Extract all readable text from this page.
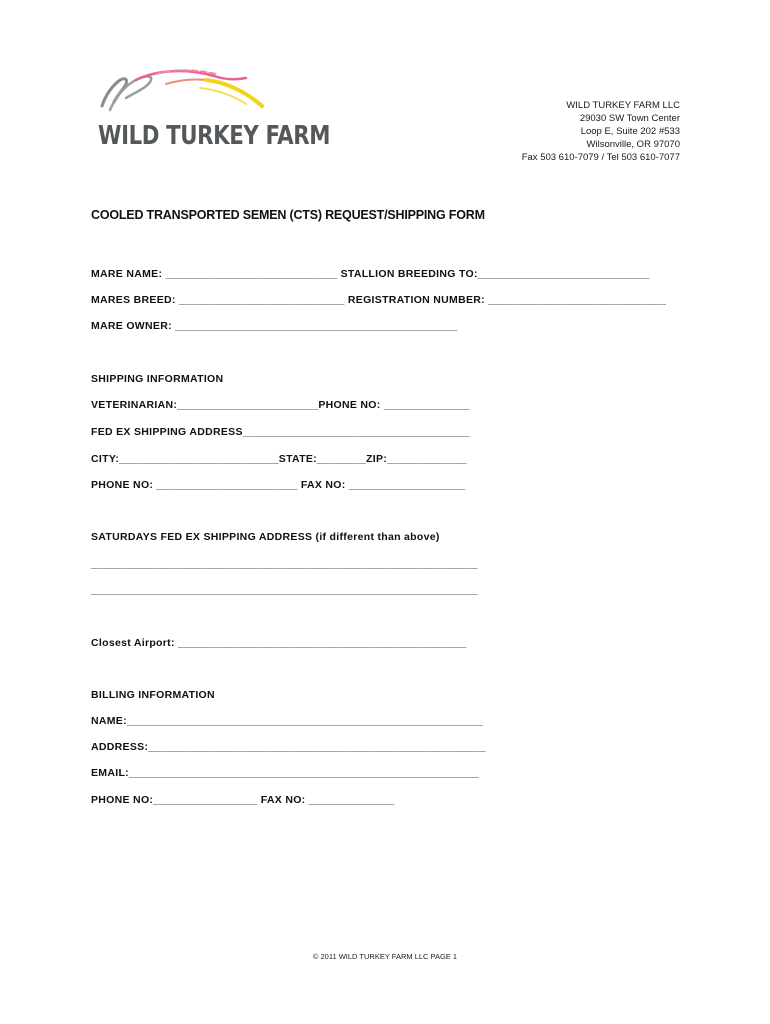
WILD TURKEY FARM
WILD TURKEY FARM LLC
29030 SW Town Center
Loop E, Suite 202 #533
Wilsonville, OR 97070
Fax 503 610-7079 / Tel 503 610-7077
COOLED TRANSPORTED SEMEN (CTS) REQUEST/SHIPPING FORM
MARE NAME: ____________________________ STALLION BREEDING TO:____________________________
MARES BREED: ___________________________ REGISTRATION NUMBER: _____________________________
MARE OWNER: ______________________________________________
SHIPPING INFORMATION
VETERINARIAN:_______________________PHONE NO: ______________
FED EX SHIPPING ADDRESS_____________________________________
CITY:__________________________STATE:________ZIP:_____________
PHONE NO: _______________________ FAX NO: ___________________
SATURDAYS FED EX SHIPPING ADDRESS (if different than above)
_______________________________________________________________
_______________________________________________________________
Closest Airport: _______________________________________________
BILLING INFORMATION
NAME:__________________________________________________________
ADDRESS:_______________________________________________________
EMAIL:_________________________________________________________
PHONE NO:_________________ FAX NO: ______________
© 2011 WILD TURKEY FARM LLC PAGE 1
